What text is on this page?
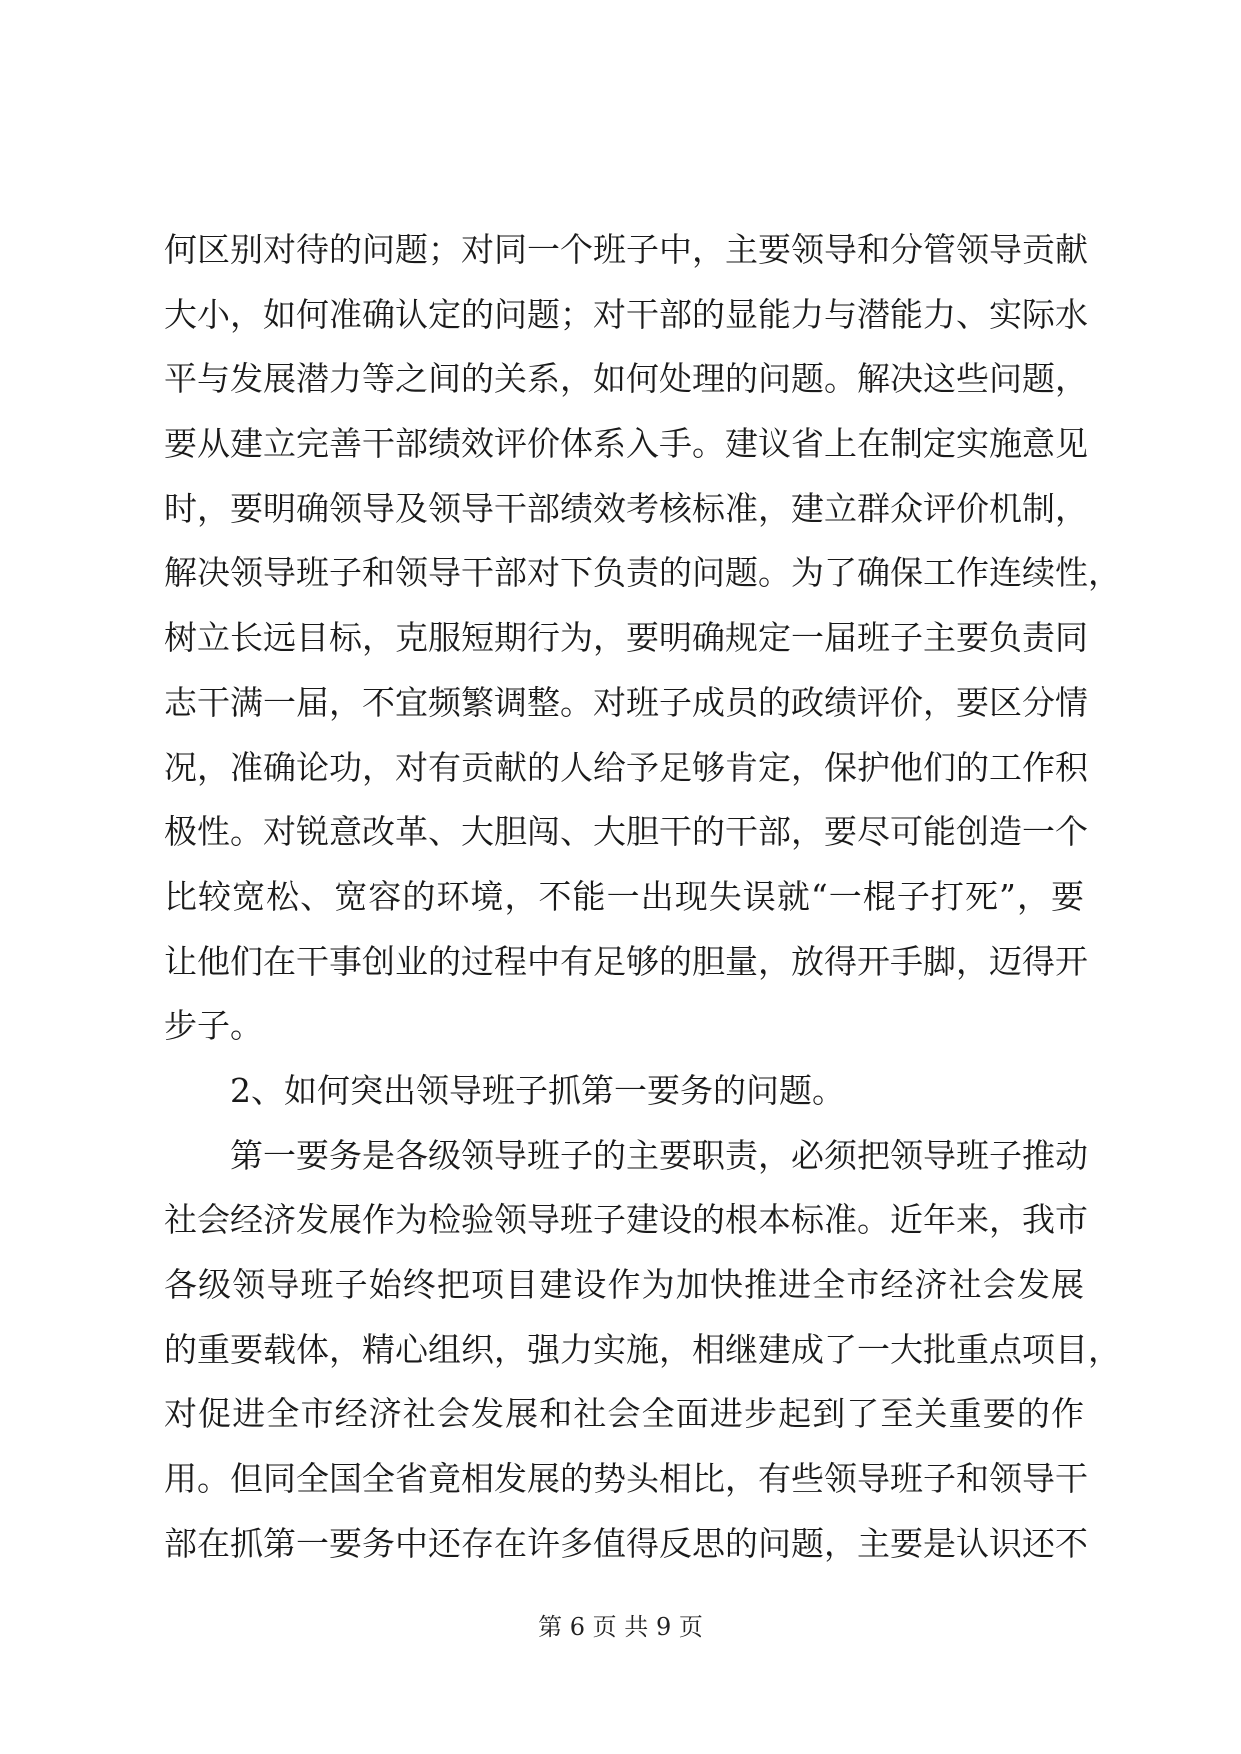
何区别对待的问题；对同一个班子中，主要领导和分管领导贡献
大小，如何准确认定的问题；对干部的显能力与潜能力、实际水
平与发展潜力等之间的关系，如何处理的问题。解决这些问题，
要从建立完善干部绩效评价体系入手。建议省上在制定实施意见
时，要明确领导及领导干部绩效考核标准，建立群众评价机制，
解决领导班子和领导干部对下负责的问题。为了确保工作连续性，
树立长远目标，克服短期行为，要明确规定一届班子主要负责同
志干满一届，不宜频繁调整。对班子成员的政绩评价，要区分情
况，准确论功，对有贡献的人给予足够肯定，保护他们的工作积
极性。对锐意改革、大胆闯、大胆干的干部，要尽可能创造一个
比较宽松、宽容的环境，不能一出现失误就“一棍子打死”，要
让他们在干事创业的过程中有足够的胆量，放得开手脚，迈得开
步子。
2、如何突出领导班子抓第一要务的问题。
第一要务是各级领导班子的主要职责，必须把领导班子推动
社会经济发展作为检验领导班子建设的根本标准。近年来，我市
各级领导班子始终把项目建设作为加快推进全市经济社会发展
的重要载体，精心组织，强力实施，相继建成了一大批重点项目，
对促进全市经济社会发展和社会全面进步起到了至关重要的作
用。但同全国全省竟相发展的势头相比，有些领导班子和领导干
部在抓第一要务中还存在许多值得反思的问题，主要是认识还不
第 6 页 共 9 页
